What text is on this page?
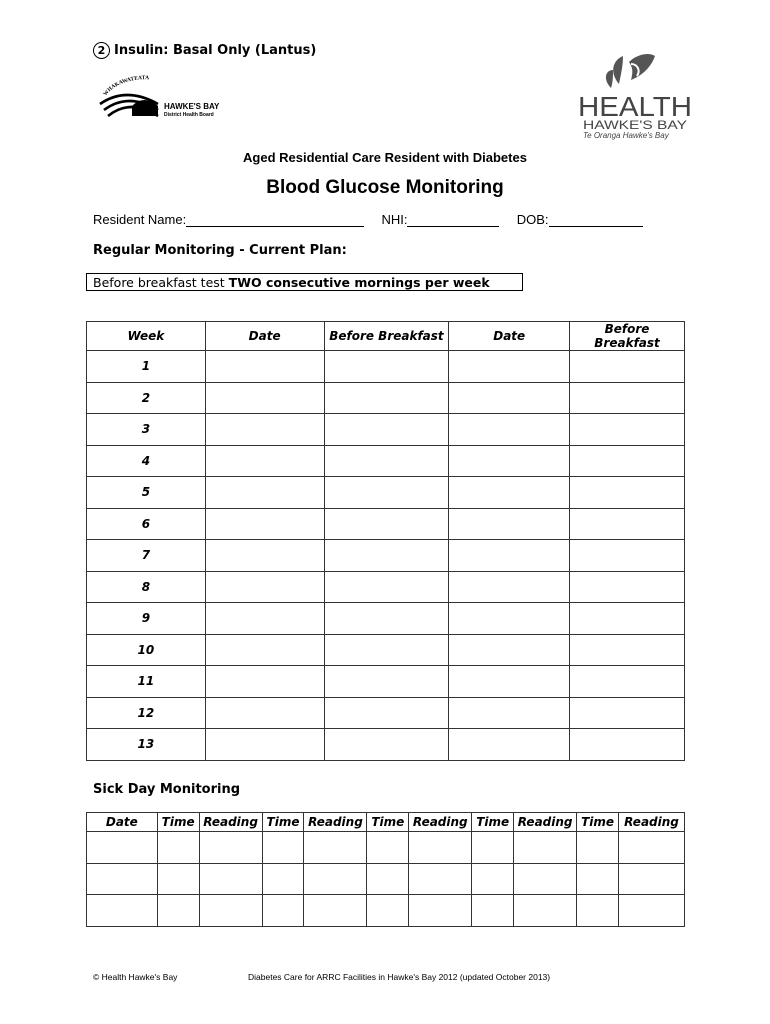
2 Insulin: Basal Only (Lantus)
WHAKAWATEATA
HAWKE'S BAY
District Health Board	HEALTH
HAWKE'S BAY
Te Oranga Hawke's Bay
Aged Residential Care Resident with Diabetes
Blood Glucose Monitoring
Resident Name:	NHI:	DOB:
Regular Monitoring - Current Plan:
Before breakfast test TWO consecutive mornings per week
Week	Date	Before Breakfast	Date	Before Breakfast
1				
2				
3				
4				
5				
6				
7				
8				
9				
10				
11				
12				
13				
Sick Day Monitoring
Date	Time	Reading	Time	Reading	Time	Reading	Time	Reading	Time	Reading

© Health Hawke's Bay	Diabetes Care for ARRC Facilities in Hawke's Bay 2012 (updated October 2013)
